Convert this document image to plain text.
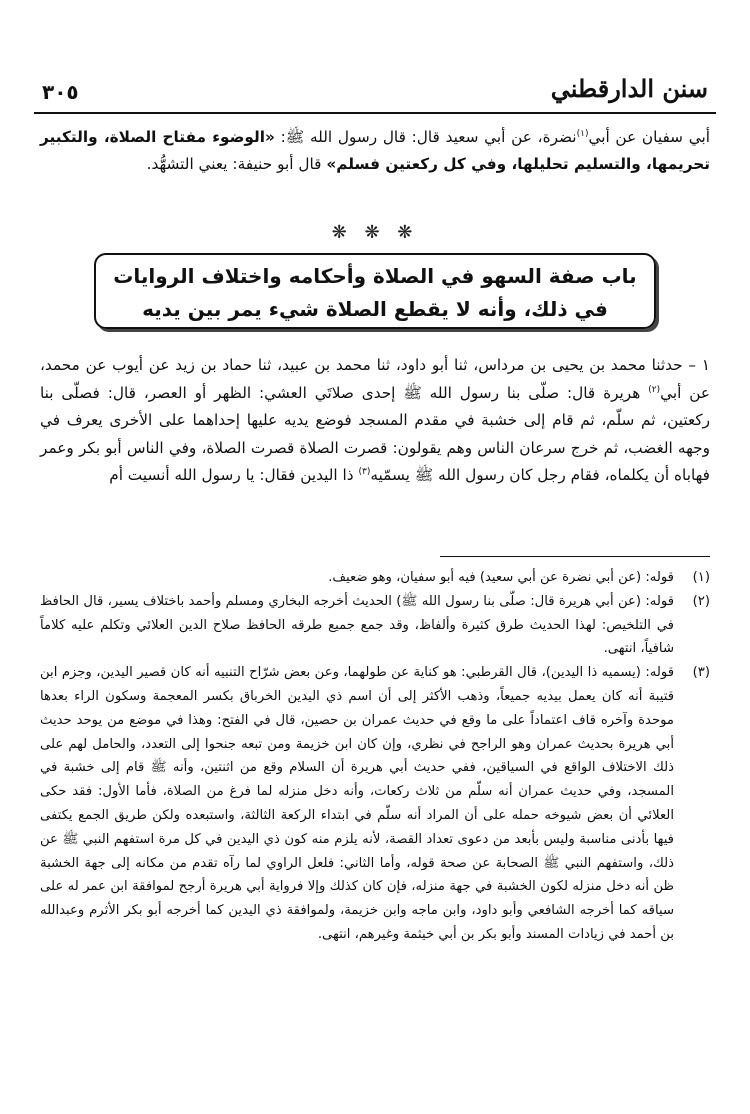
٣٠٥	سنن الدارقطني
أبي سفيان عن أبي$^{(١)}$نضرة، عن أبي سعيد قال: قال رسول الله ﷺ: «الوضوء مفتاح الصلاة، والتكبير تحريمها، والتسليم تحليلها، وفي كل ركعتين فسلم» قال أبو حنيفة: يعني التشهُّد.
❋ ❋ ❋
باب صفة السهو في الصلاة وأحكامه واختلاف الروايات
في ذلك، وأنه لا يقطع الصلاة شيء يمر بين يديه
١ – حدثنا محمد بن يحيى بن مرداس، ثنا أبو داود، ثنا محمد بن عبيد، ثنا حماد بن زيد عن أيوب عن محمد، عن أبي$^{(٢)}$ هريرة قال: صلّى بنا رسول الله ﷺ إحدى صلاتَي العشي: الظهر أو العصر، قال: فصلّى بنا ركعتين، ثم سلّم، ثم قام إلى خشبة في مقدم المسجد فوضع يديه عليها إحداهما على الأخرى يعرف في وجهه الغضب، ثم خرج سرعان الناس وهم يقولون: قصرت الصلاة قصرت الصلاة، وفي الناس أبو بكر وعمر فهاباه أن يكلماه، فقام رجل كان رسول الله ﷺ يسمّيه$^{(٣)}$ ذا اليدين فقال: يا رسول الله أنسيت أم

(١)
قوله: (عن أبي نضرة عن أبي سعيد) فيه أبو سفيان، وهو ضعيف.

(٢)
قوله: (عن أبي هريرة قال: صلّى بنا رسول الله ﷺ) الحديث أخرجه البخاري ومسلم وأحمد باختلاف يسير، قال الحافظ في التلخيص: لهذا الحديث طرق كثيرة وألفاظ، وقد جمع جميع طرقه الحافظ صلاح الدين العلائي وتكلم عليه كلاماً شافياً، انتهى.

(٣)
قوله: (يسميه ذا اليدين)، قال القرطبي: هو كناية عن طولهما، وعن بعض شرّاح التنبيه أنه كان قصير اليدين، وجزم ابن قتيبة أنه كان يعمل بيديه جميعاً، وذهب الأكثر إلى أن اسم ذي اليدين الخرباق بكسر المعجمة وسكون الراء بعدها موحدة وآخره قاف اعتماداً على ما وقع في حديث عمران بن حصين، قال في الفتح: وهذا في موضع من يوحد حديث أبي هريرة بحديث عمران وهو الراجح في نظري، وإن كان ابن خزيمة ومن تبعه جنحوا إلى التعدد، والحامل لهم على ذلك الاختلاف الواقع في السياقين، ففي حديث أبي هريرة أن السلام وقع من اثنتين، وأنه ﷺ قام إلى خشبة في المسجد، وفي حديث عمران أنه سلّم من ثلاث ركعات، وأنه دخل منزله لما فرغ من الصلاة، فأما الأول: فقد حكى العلائي أن بعض شيوخه حمله على أن المراد أنه سلّم في ابتداء الركعة الثالثة، واستبعده ولكن طريق الجمع يكتفى فيها بأدنى مناسبة وليس بأبعد من دعوى تعداد القصة، لأنه يلزم منه كون ذي اليدين في كل مرة استفهم النبي ﷺ عن ذلك، واستفهم النبي ﷺ الصحابة عن صحة قوله، وأما الثاني: فلعل الراوي لما رآه تقدم من مكانه إلى جهة الخشبة ظن أنه دخل منزله لكون الخشبة في جهة منزله، فإن كان كذلك وإلا فرواية أبي هريرة أرجح لموافقة ابن عمر له على سياقه كما أخرجه الشافعي وأبو داود، وابن ماجه وابن خزيمة، ولموافقة ذي اليدين كما أخرجه أبو بكر الأثرم وعبدالله بن أحمد في زيادات المسند وأبو بكر بن أبي خيثمة وغيرهم، انتهى.
